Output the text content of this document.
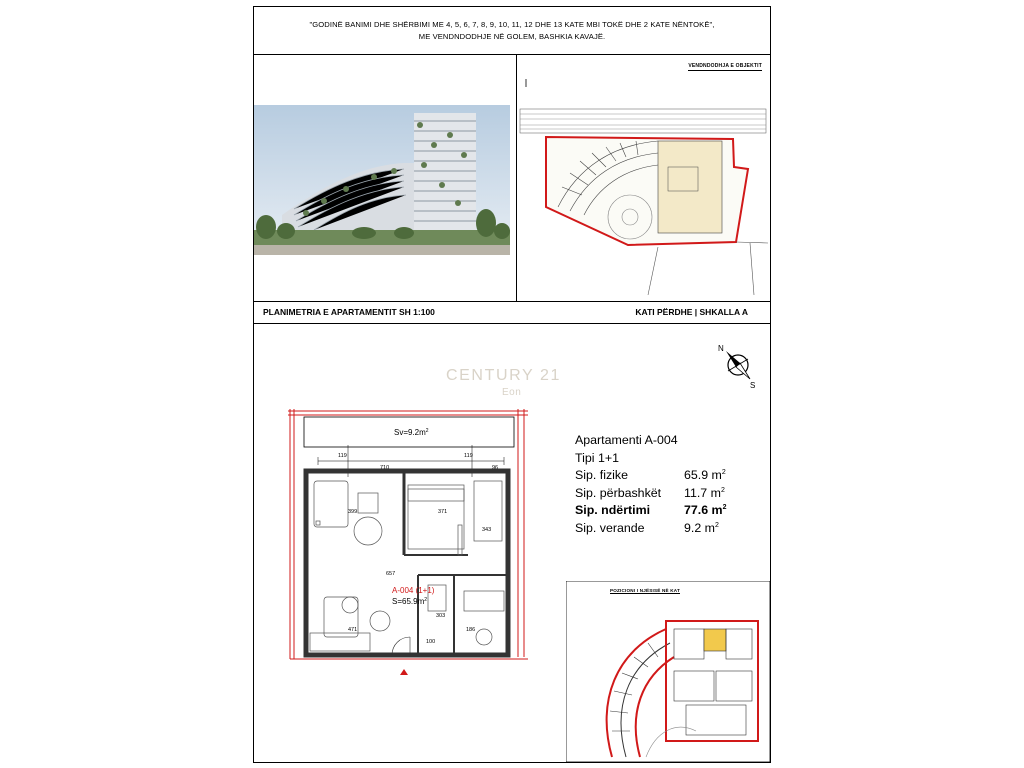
"GODINË BANIMI DHE SHËRBIMI ME 4, 5, 6, 7, 8, 9, 10, 11, 12 DHE 13 KATE MBI TOKË DHE 2 KATE NËNTOKË",
ME VENDNDODHJE NË GOLEM, BASHKIA KAVAJË.
VENDNDODHJA E OBJEKTIT
PLANIMETRIA E APARTAMENTIT SH 1:100	KATI PËRDHE | SHKALLA A
CENTURY 21
Eon
N
S
Apartamenti A-004
Tipi 1+1
Sip. fizike	65.9 $m^2$
Sip. përbashkët 11.7 $m^2$
Sip. ndërtimi	77.6 $m^2$
Sip. verande	9.2 $m^2$
$Sv=9.2m^2$
710	96
119
399	371
343
657
471
100
186
303
119
A-004 (1+1)
$S=65.9m^2$
POZICIONI I NJËSISË NË KAT
